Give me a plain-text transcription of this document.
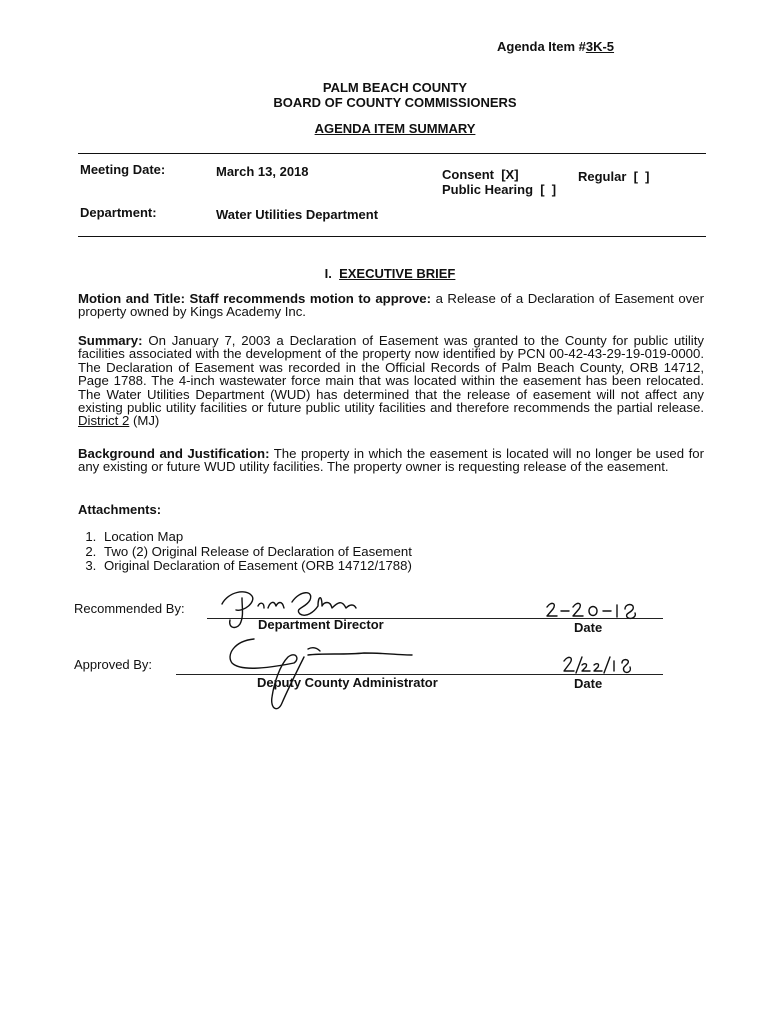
Agenda Item #3K-5
PALM BEACH COUNTY
BOARD OF COUNTY COMMISSIONERS
AGENDA ITEM SUMMARY
Meeting Date:	March 13, 2018	Consent  [X]	Regular  [  ]
Public Hearing  [  ]
Department:	Water Utilities Department
I. EXECUTIVE BRIEF
Motion and Title: Staff recommends motion to approve: a Release of a Declaration of Easement over property owned by Kings Academy Inc.
Summary: On January 7, 2003 a Declaration of Easement was granted to the County for public utility facilities associated with the development of the property now identified by PCN 00-42-43-29-19-019-0000. The Declaration of Easement was recorded in the Official Records of Palm Beach County, ORB 14712, Page 1788. The 4-inch wastewater force main that was located within the easement has been relocated. The Water Utilities Department (WUD) has determined that the release of easement will not affect any existing public utility facilities or future public utility facilities and therefore recommends the partial release. District 2 (MJ)
Background and Justification: The property in which the easement is located will no longer be used for any existing or future WUD utility facilities. The property owner is requesting release of the easement.
Attachments:
1. Location Map
2. Two (2) Original Release of Declaration of Easement
3. Original Declaration of Easement (ORB 14712/1788)
Recommended By:
Department Director	Date
Approved By:
Deputy County Administrator	Date
